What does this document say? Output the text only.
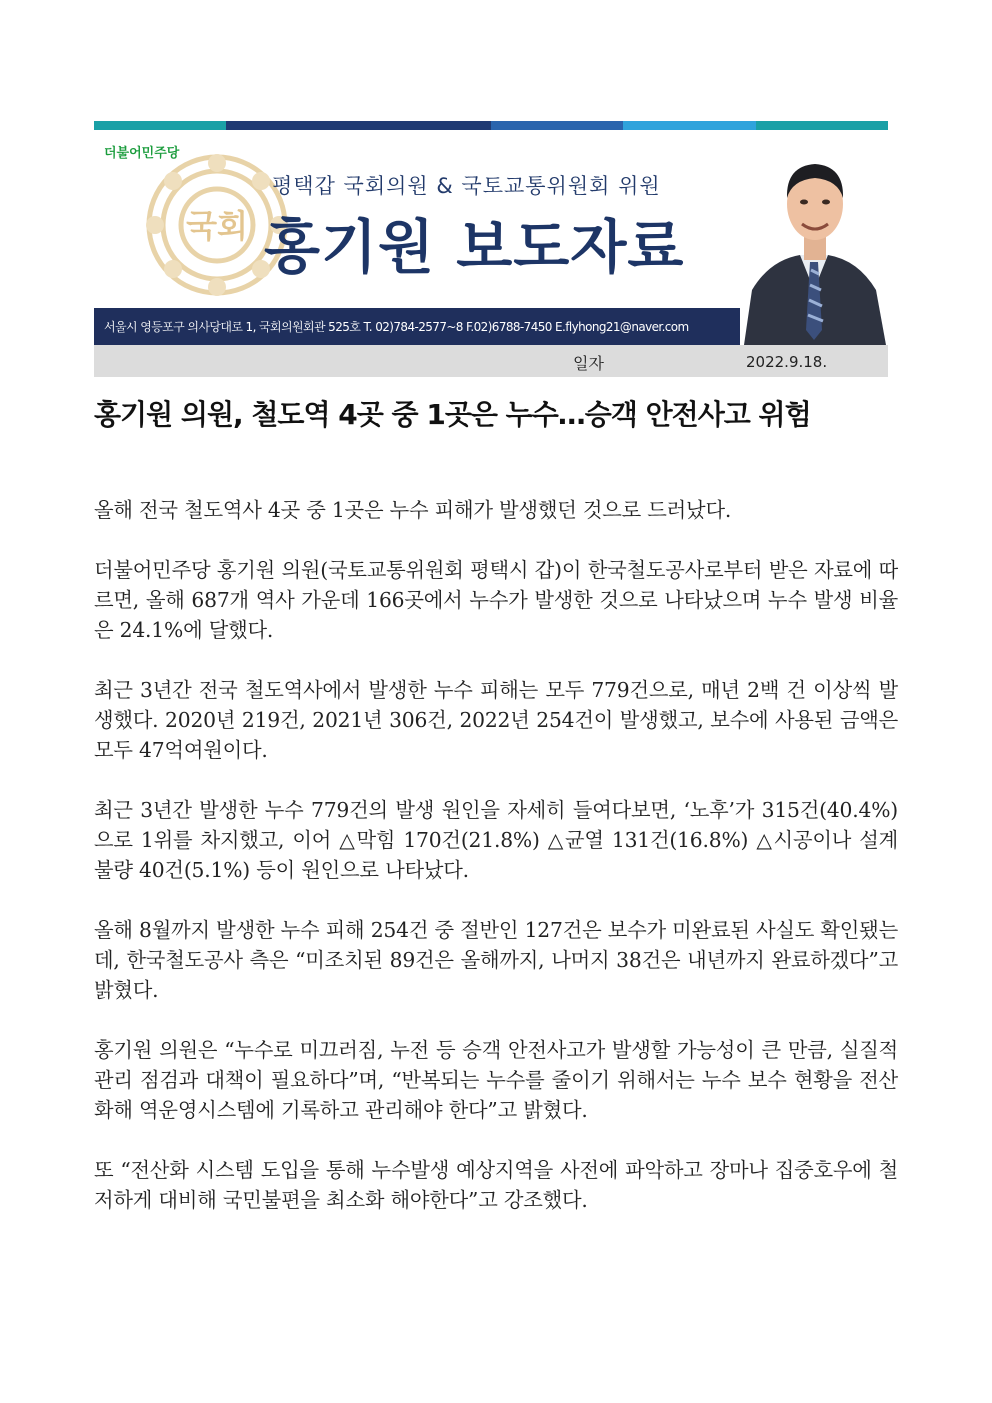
더불어민주당
국회
평택갑 국회의원 & 국토교통위원회 위원
홍기원 보도자료
서울시 영등포구 의사당대로 1, 국회의원회관 525호 T. 02)784-2577~8 F.02)6788-7450 E.flyhong21@naver.com
일자	2022.9.18.
홍기원 의원, 철도역 4곳 중 1곳은 누수…승객 안전사고 위험

올해 전국 철도역사 4곳 중 1곳은 누수 피해가 발생했던 것으로 드러났다.

더불어민주당 홍기원 의원(국토교통위원회 평택시 갑)이 한국철도공사로부터 받은 자료에 따르면, 올해 687개 역사 가운데 166곳에서 누수가 발생한 것으로 나타났으며 누수 발생 비율은 24.1%에 달했다.

최근 3년간 전국 철도역사에서 발생한 누수 피해는 모두 779건으로, 매년 2백 건 이상씩 발생했다. 2020년 219건, 2021년 306건, 2022년 254건이 발생했고, 보수에 사용된 금액은 모두 47억여원이다.

최근 3년간 발생한 누수 779건의 발생 원인을 자세히 들여다보면, ‘노후’가 315건(40.4%)으로 1위를 차지했고, 이어 △막힘 170건(21.8%) △균열 131건(16.8%) △시공이나 설계 불량 40건(5.1%) 등이 원인으로 나타났다.

올해 8월까지 발생한 누수 피해 254건 중 절반인 127건은 보수가 미완료된 사실도 확인됐는데, 한국철도공사 측은 “미조치된 89건은 올해까지, 나머지 38건은 내년까지 완료하겠다”고 밝혔다.

홍기원 의원은 “누수로 미끄러짐, 누전 등 승객 안전사고가 발생할 가능성이 큰 만큼, 실질적 관리 점검과 대책이 필요하다”며, “반복되는 누수를 줄이기 위해서는 누수 보수 현황을 전산화해 역운영시스템에 기록하고 관리해야 한다”고 밝혔다.

또 “전산화 시스템 도입을 통해 누수발생 예상지역을 사전에 파악하고 장마나 집중호우에 철저하게 대비해 국민불편을 최소화 해야한다”고 강조했다.
